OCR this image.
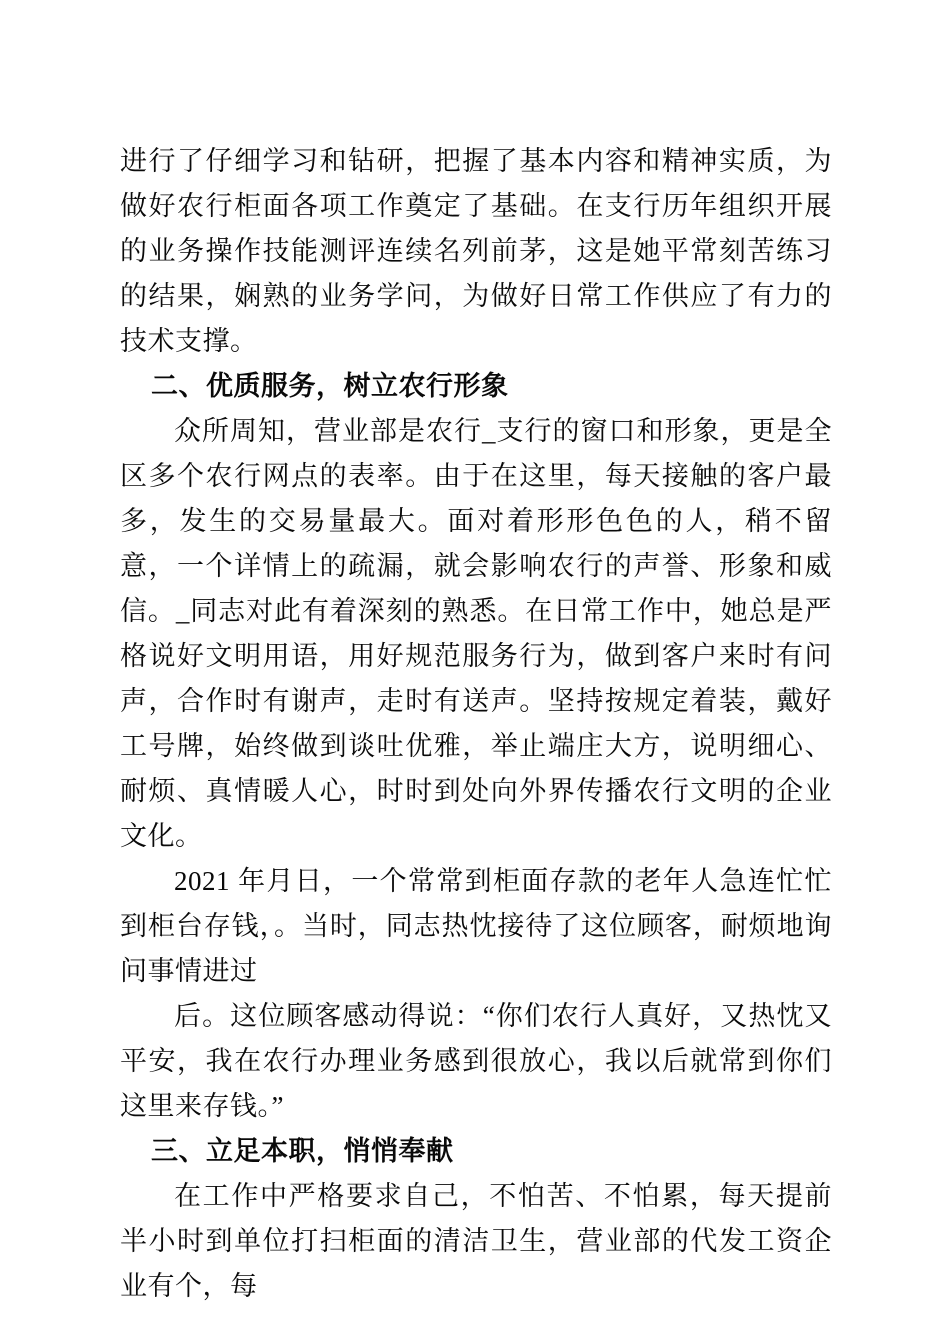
进行了仔细学习和钻研，把握了基本内容和精神实质，为做好农行柜面各项工作奠定了基础。在支行历年组织开展的业务操作技能测评连续名列前茅，这是她平常刻苦练习的结果，娴熟的业务学问，为做好日常工作供应了有力的技术支撑。

二、优质服务，树立农行形象

众所周知，营业部是农行_支行的窗口和形象，更是全区多个农行网点的表率。由于在这里，每天接触的客户最多，发生的交易量最大。面对着形形色色的人，稍不留意，一个详情上的疏漏，就会影响农行的声誉、形象和威信。_同志对此有着深刻的熟悉。在日常工作中，她总是严格说好文明用语，用好规范服务行为，做到客户来时有问声，合作时有谢声，走时有送声。坚持按规定着装，戴好工号牌，始终做到谈吐优雅，举止端庄大方，说明细心、耐烦、真情暖人心，时时到处向外界传播农行文明的企业文化。

2021 年月日，一个常常到柜面存款的老年人急连忙忙到柜台存钱，。当时，同志热忱接待了这位顾客，耐烦地询问事情进过

后。这位顾客感动得说：“你们农行人真好，又热忱又平安，我在农行办理业务感到很放心，我以后就常到你们这里来存钱。”

三、立足本职，悄悄奉献

在工作中严格要求自己，不怕苦、不怕累，每天提前半小时到单位打扫柜面的清洁卫生，营业部的代发工资企业有个，每
